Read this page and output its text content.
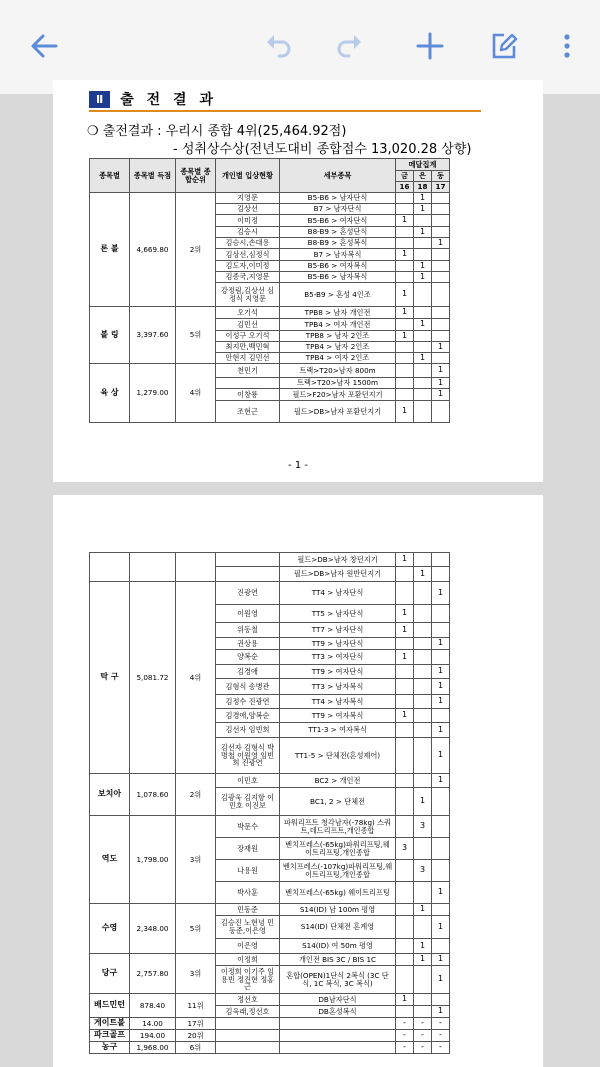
Ⅱ	출 전 결 과
❍ 출전결과 : 우리시 종합 4위(25,464.92점)
- 성취상수상(전년도대비 종합점수 13,020.28 상향)
종목별	종목별 득점	종목별 종합순위	개인별 입상현황	세부종목	메달집계		
					금	은	동
					16	18	17
론 볼	4,669.80	2위	지영문	B5-B6 > 남자단식		1	
			김상선	B7 > 남자단식		1	
			이미정	B5-B6 > 여자단식	1		
			김승시	B8-B9 > 혼성단식		1	
			김승시,손대용	B8-B9 > 혼성복식			1
			김상선,심정식	B7 > 남자복식	1		
			김도자,이미정	B5-B6 > 여자복식		1	
			김종국,지영문	B5-B6 > 남자복식		1	
			강정림,김상선 심정식 지영문	B5-B9 > 혼성 4인조	1		
볼 링	3,397.60	5위	오기석	TPB8 > 남자 개인전	1		
			김민선	TPB4 > 여자 개인전		1	
			이성구 오기석	TPB8 > 남자 2인조	1		
			최지만,백민혁	TPB4 > 남자 2인조			1
			안현지 김민선	TPB4 > 여자 2인조		1	
육 상	1,279.00	4위	천민기	트랙>T20>남자 800m			1
				트랙>T20>남자 1500m			1
			이창룡	필드>F20>남자 포환던지기			1
			조현근	필드>DB>남자 포환던지기	1		
- 1 -
				필드>DB>남자 창던지기	1		
				필드>DB>남자 원반던지기		1	
탁 구	5,081.72	4위	진광연	TT4 > 남자단식			1
			이원영	TT5 > 남자단식	1		
			위동철	TT7 > 남자단식	1		
			권상용	TT9 > 남자단식			1
			양복순	TT3 > 여자단식	1		
			김경애	TT9 > 여자단식			1
			김형식 송병관	TT3 > 남자복식			1
			김정수 진광연	TT4 > 남자복식			1
			김경애,양복순	TT9 > 여자복식	1		
			김선자 임빈희	TT1-3 > 여자복식			1
			김선자 김형식 박명철 이원영 임빈희 진광연	TT1-5 > 단체전(혼성제어)			1
보치아	1,078.60	2위	이민호	BC2 > 개인전			1
			김광욱 김지항 이민호 이진보	BC1, 2 > 단체전		1	
역도	1,798.00	3위	박문수	파워리프트 청각남자(-78kg) 스쿼트,데드리프트,개인종합		3	
			장재원	벤치프레스(-65kg)파워리프팅,웨이트리프팅,개인종합	3		
			나용원	벤치프레스(-107kg)파워리프팅,웨이트리프팅,개인종합		3	
			박사훈	벤치프레스(-65kg) 웨이트리프팅			1
수영	2,348.00	5위	민동준	S14(ID) 남 100m 평영		1	
			김승진 노현녕 민동준,이은영	S14(ID) 단체전 혼계영			1
			이은영	S14(ID) 여 50m 평영		1	
당구	2,757.80	3위	이정희	개인전 BIS 3C / BIS 1C		1	1
			이정희 이기주 임용빈 정진현 정홍근	혼합(OPEN)1단식 2복식 (3C 단식, 1C 복식, 3C 복식)			1
배드민턴	878.40	11위	정선호	DB남자단식	1		
			김욱래,정선호	DB혼성복식			1
게이트볼	14.00	17위			-	-	-
파크골프	194.00	20위			-	-	-
농구	1,968.00	6위			-	-	-
